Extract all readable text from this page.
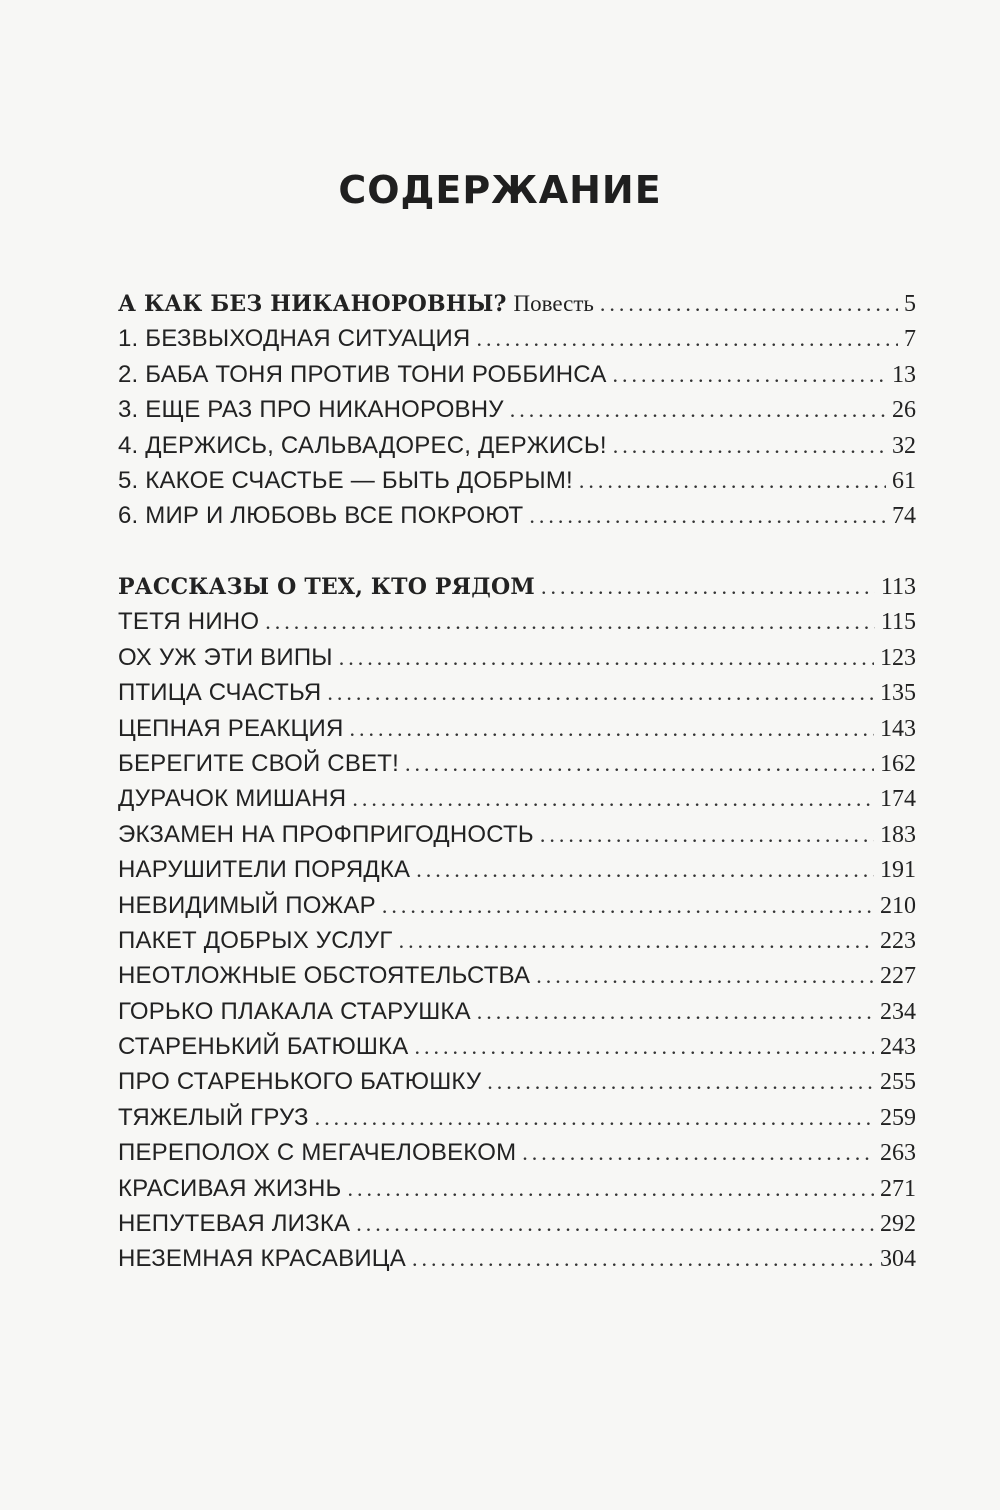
СОДЕРЖАНИЕ
А КАК БЕЗ НИКАНОРОВНЫ? Повесть .....	5
1. БЕЗВЫХОДНАЯ СИТУАЦИЯ .....	7
2. БАБА ТОНЯ ПРОТИВ ТОНИ РОББИНСА .....	13
3. ЕЩЕ РАЗ ПРО НИКАНОРОВНУ .....	26
4. ДЕРЖИСЬ, САЛЬВАДОРЕС, ДЕРЖИСЬ! .....	32
5. КАКОЕ СЧАСТЬЕ — БЫТЬ ДОБРЫМ! .....	61
6. МИР И ЛЮБОВЬ ВСЕ ПОКРОЮТ .....	74
РАССКАЗЫ О ТЕХ, КТО РЯДОМ .....	113
ТЕТЯ НИНО .....	115
ОХ УЖ ЭТИ ВИПЫ .....	123
ПТИЦА СЧАСТЬЯ .....	135
ЦЕПНАЯ РЕАКЦИЯ .....	143
БЕРЕГИТЕ СВОЙ СВЕТ! .....	162
ДУРАЧОК МИШАНЯ .....	174
ЭКЗАМЕН НА ПРОФПРИГОДНОСТЬ .....	183
НАРУШИТЕЛИ ПОРЯДКА .....	191
НЕВИДИМЫЙ ПОЖАР .....	210
ПАКЕТ ДОБРЫХ УСЛУГ .....	223
НЕОТЛОЖНЫЕ ОБСТОЯТЕЛЬСТВА .....	227
ГОРЬКО ПЛАКАЛА СТАРУШКА .....	234
СТАРЕНЬКИЙ БАТЮШКА .....	243
ПРО СТАРЕНЬКОГО БАТЮШКУ .....	255
ТЯЖЕЛЫЙ ГРУЗ .....	259
ПЕРЕПОЛОХ С МЕГАЧЕЛОВЕКОМ .....	263
КРАСИВАЯ ЖИЗНЬ .....	271
НЕПУТЕВАЯ ЛИЗКА .....	292
НЕЗЕМНАЯ КРАСАВИЦА .....	304
